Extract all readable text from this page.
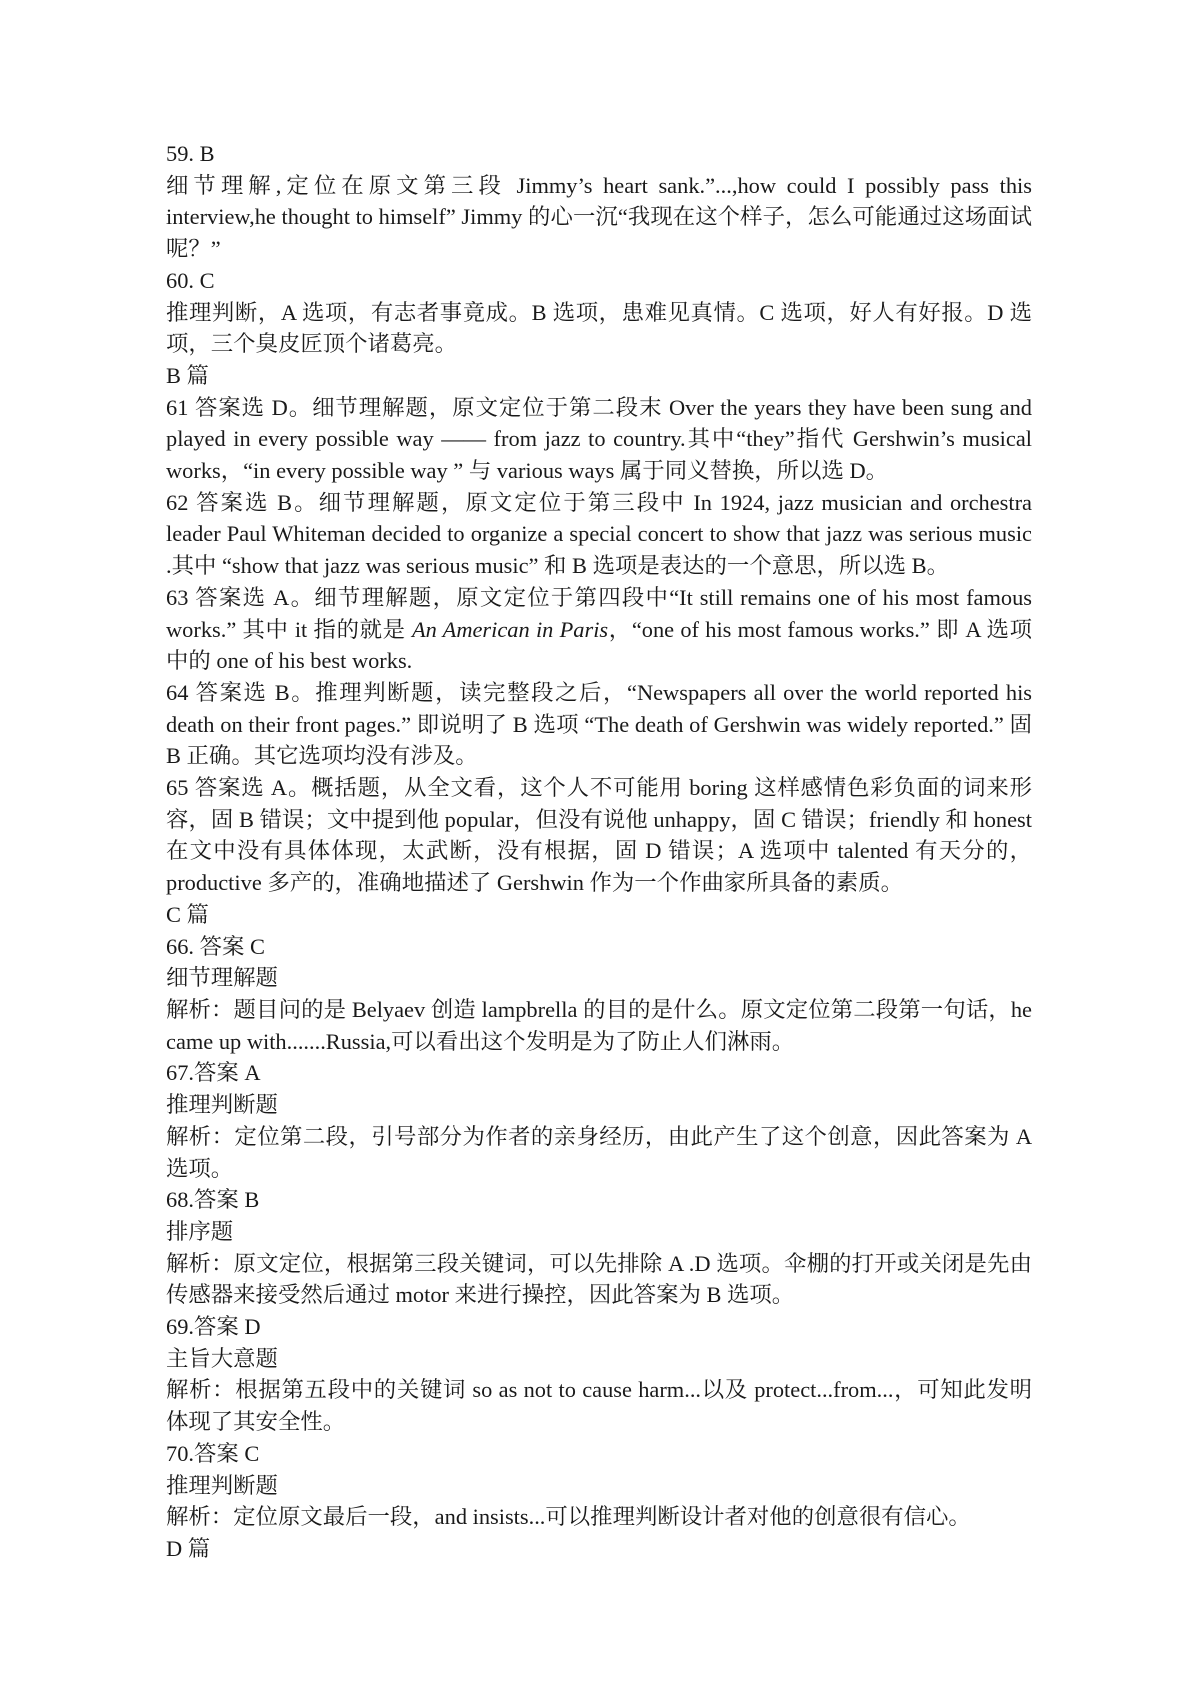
59. B

细节理解,定位在原文第三段 Jimmy’s heart sank.”...,how could I possibly pass this interview,he thought to himself” Jimmy 的心一沉“我现在这个样子，怎么可能通过这场面试呢？”

60. C

推理判断，A 选项，有志者事竟成。B 选项，患难见真情。C 选项，好人有好报。D 选项，三个臭皮匠顶个诸葛亮。

B 篇

61 答案选 D。细节理解题，原文定位于第二段末 Over the years they have been sung and played in every possible way —— from jazz to country.其中“they”指代 Gershwin’s musical works，“in every possible way ” 与 various ways 属于同义替换，所以选 D。

62 答案选 B。细节理解题，原文定位于第三段中 In 1924, jazz musician and orchestra leader Paul Whiteman decided to organize a special concert to show that jazz was serious music .其中 “show that jazz was serious music” 和 B 选项是表达的一个意思，所以选 B。

63 答案选 A。细节理解题，原文定位于第四段中“It still remains one of his most famous works.” 其中 it 指的就是 An American in Paris，“one of his most famous works.” 即 A 选项中的 one of his best works.

64 答案选 B。推理判断题，读完整段之后，“Newspapers all over the world reported his death on their front pages.” 即说明了 B 选项 “The death of Gershwin was widely reported.” 固 B 正确。其它选项均没有涉及。

65 答案选 A。概括题，从全文看，这个人不可能用 boring 这样感情色彩负面的词来形容，固 B 错误；文中提到他 popular，但没有说他 unhappy，固 C 错误；friendly 和 honest 在文中没有具体体现，太武断，没有根据，固 D 错误；A 选项中 talented 有天分的，productive 多产的，准确地描述了 Gershwin 作为一个作曲家所具备的素质。

C 篇

66. 答案 C

细节理解题

解析：题目问的是 Belyaev 创造 lampbrella 的目的是什么。原文定位第二段第一句话，he came up with.......Russia,可以看出这个发明是为了防止人们淋雨。

67.答案 A

推理判断题

解析：定位第二段，引号部分为作者的亲身经历，由此产生了这个创意，因此答案为 A 选项。

68.答案 B

排序题

解析：原文定位，根据第三段关键词，可以先排除 A .D 选项。伞棚的打开或关闭是先由传感器来接受然后通过 motor 来进行操控，因此答案为 B 选项。

69.答案 D

主旨大意题

解析：根据第五段中的关键词 so as not to cause harm...以及 protect...from...，可知此发明体现了其安全性。

70.答案 C

推理判断题

解析：定位原文最后一段，and insists...可以推理判断设计者对他的创意很有信心。

D 篇
